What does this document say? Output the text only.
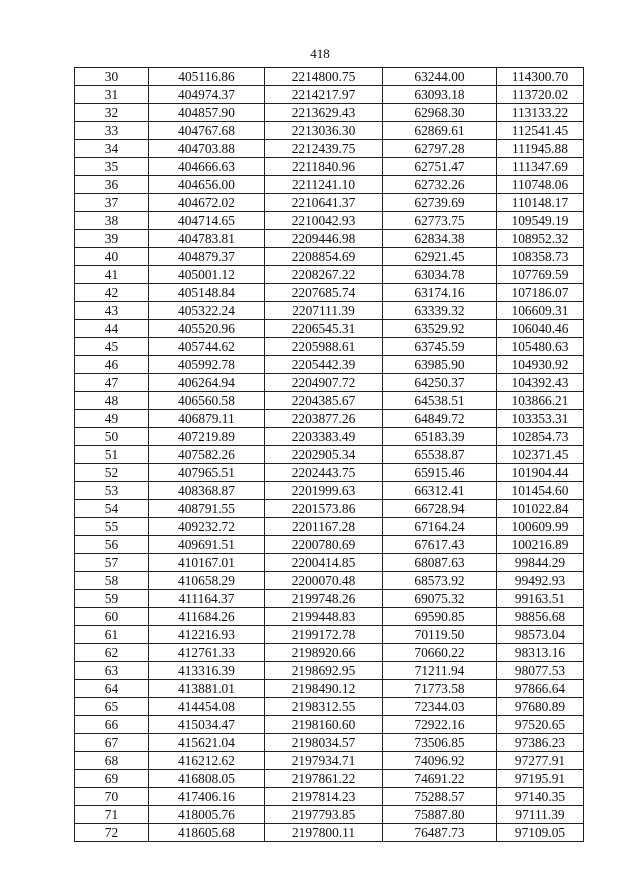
418
30	405116.86	2214800.75	63244.00	114300.70
31	404974.37	2214217.97	63093.18	113720.02
32	404857.90	2213629.43	62968.30	113133.22
33	404767.68	2213036.30	62869.61	112541.45
34	404703.88	2212439.75	62797.28	111945.88
35	404666.63	2211840.96	62751.47	111347.69
36	404656.00	2211241.10	62732.26	110748.06
37	404672.02	2210641.37	62739.69	110148.17
38	404714.65	2210042.93	62773.75	109549.19
39	404783.81	2209446.98	62834.38	108952.32
40	404879.37	2208854.69	62921.45	108358.73
41	405001.12	2208267.22	63034.78	107769.59
42	405148.84	2207685.74	63174.16	107186.07
43	405322.24	2207111.39	63339.32	106609.31
44	405520.96	2206545.31	63529.92	106040.46
45	405744.62	2205988.61	63745.59	105480.63
46	405992.78	2205442.39	63985.90	104930.92
47	406264.94	2204907.72	64250.37	104392.43
48	406560.58	2204385.67	64538.51	103866.21
49	406879.11	2203877.26	64849.72	103353.31
50	407219.89	2203383.49	65183.39	102854.73
51	407582.26	2202905.34	65538.87	102371.45
52	407965.51	2202443.75	65915.46	101904.44
53	408368.87	2201999.63	66312.41	101454.60
54	408791.55	2201573.86	66728.94	101022.84
55	409232.72	2201167.28	67164.24	100609.99
56	409691.51	2200780.69	67617.43	100216.89
57	410167.01	2200414.85	68087.63	99844.29
58	410658.29	2200070.48	68573.92	99492.93
59	411164.37	2199748.26	69075.32	99163.51
60	411684.26	2199448.83	69590.85	98856.68
61	412216.93	2199172.78	70119.50	98573.04
62	412761.33	2198920.66	70660.22	98313.16
63	413316.39	2198692.95	71211.94	98077.53
64	413881.01	2198490.12	71773.58	97866.64
65	414454.08	2198312.55	72344.03	97680.89
66	415034.47	2198160.60	72922.16	97520.65
67	415621.04	2198034.57	73506.85	97386.23
68	416212.62	2197934.71	74096.92	97277.91
69	416808.05	2197861.22	74691.22	97195.91
70	417406.16	2197814.23	75288.57	97140.35
71	418005.76	2197793.85	75887.80	97111.39
72	418605.68	2197800.11	76487.73	97109.05
